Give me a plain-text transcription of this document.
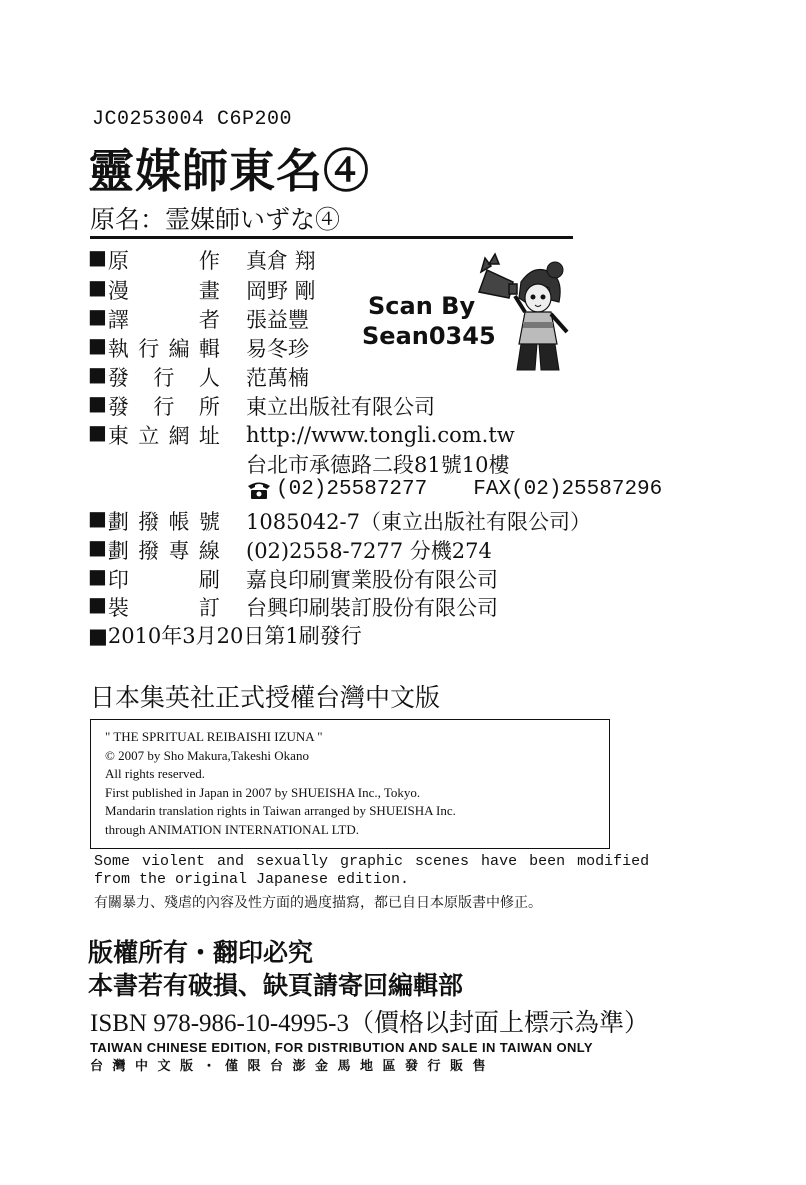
JC0253004 C6P200
靈媒師東名④
原名：霊媒師いずな④
■ 原	作 真倉 翔
■ 漫	畫 岡野 剛
■ 譯	者 張益豐
■ 執 行 編 輯 易冬珍
■ 發 行 人 范萬楠
■ 發 行 所 東立出版社有限公司
■ 東 立 網 址 http://www.tongli.com.tw
台北市承德路二段81號10樓
(02)25587277 FAX(02)25587296
■ 劃 撥 帳 號 1085042-7（東立出版社有限公司）
■ 劃 撥 專 線 (02)2558-7277 分機274
■ 印	刷 嘉良印刷實業股份有限公司
■ 裝	訂 台興印刷裝訂股份有限公司
■2010年3月20日第1刷發行
日本集英社正式授權台灣中文版

" THE SPRITUAL REIBAISHI IZUNA "

© 2007 by Sho Makura,Takeshi Okano

All rights reserved.

First published in Japan in 2007 by SHUEISHA Inc., Tokyo.

Mandarin translation rights in Taiwan arranged by SHUEISHA Inc.

through ANIMATION INTERNATIONAL LTD.

Some violent and sexually graphic scenes have been modified
from the original Japanese edition.
有關暴力、殘虐的內容及性方面的過度描寫，都已自日本原版書中修正。
版權所有・翻印必究
本書若有破損、缺頁請寄回編輯部
ISBN 978-986-10-4995-3（價格以封面上標示為準）
TAIWAN CHINESE EDITION, FOR DISTRIBUTION AND SALE IN TAIWAN ONLY
台灣中文版・僅限台澎金馬地區發行販售
Scan By
Sean0345
